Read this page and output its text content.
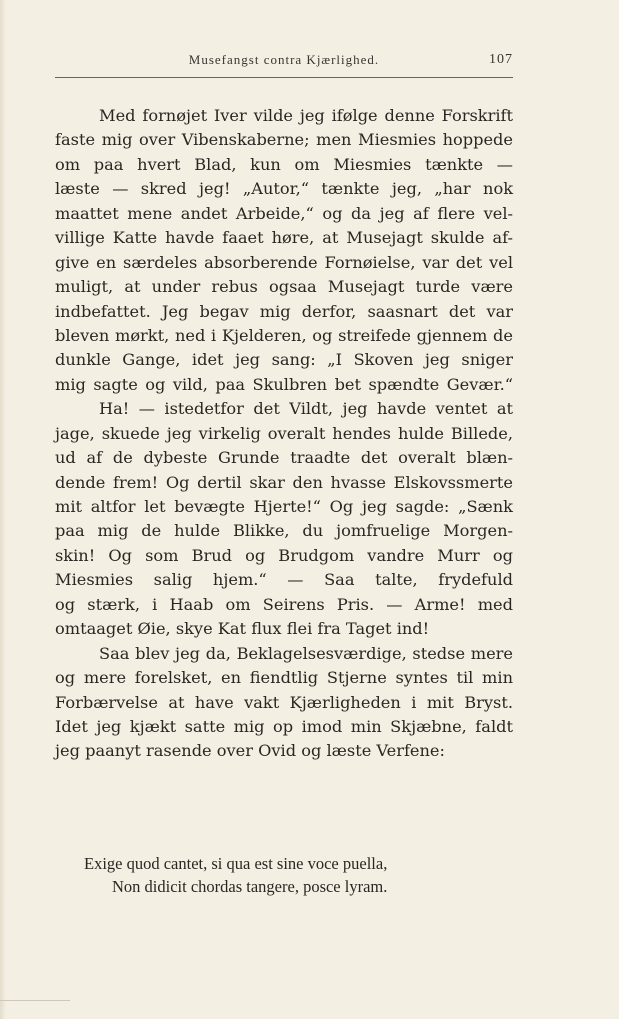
Musefangst contra Kjærlighed.	107
Med fornøjet Iver vilde jeg ifølge denne Forskrift
faste mig over Vibenskaberne; men Miesmies hoppede
om paa hvert Blad, kun om Miesmies tænkte —
læste — skred jeg! „Autor,“ tænkte jeg, „har nok
maattet mene andet Arbeide,“ og da jeg af flere vel-
villige Katte havde faaet høre, at Musejagt skulde af-
give en særdeles absorberende Fornøielse, var det vel
muligt, at under rebus ogsaa Musejagt turde være
indbefattet. Jeg begav mig derfor, saasnart det var
bleven mørkt, ned i Kjelderen, og streifede gjennem de
dunkle Gange, idet jeg sang: „I Skoven jeg sniger
mig sagte og vild, paa Skulbren bet spændte Gevær.“
Ha! — istedetfor det Vildt, jeg havde ventet at
jage, skuede jeg virkelig overalt hendes hulde Billede,
ud af de dybeste Grunde traadte det overalt blæn-
dende frem! Og dertil skar den hvasse Elskovssmerte
mit altfor let bevægte Hjerte!“ Og jeg sagde: „Sænk
paa mig de hulde Blikke, du jomfruelige Morgen-
skin! Og som Brud og Brudgom vandre Murr og
Miesmies salig hjem.“ — Saa talte, frydefuld
og stærk, i Haab om Seirens Pris. — Arme! med
omtaaget Øie, skye Kat flux flei fra Taget ind!
Saa blev jeg da, Beklagelsesværdige, stedse mere
og mere forelsket, en fiendtlig Stjerne syntes til min
Forbærvelse at have vakt Kjærligheden i mit Bryst.
Idet jeg kjækt satte mig op imod min Skjæbne, faldt
jeg paanyt rasende over Ovid og læste Verfene:
Exige quod cantet, si qua est sine voce puella,
Non didicit chordas tangere, posce lyram.
